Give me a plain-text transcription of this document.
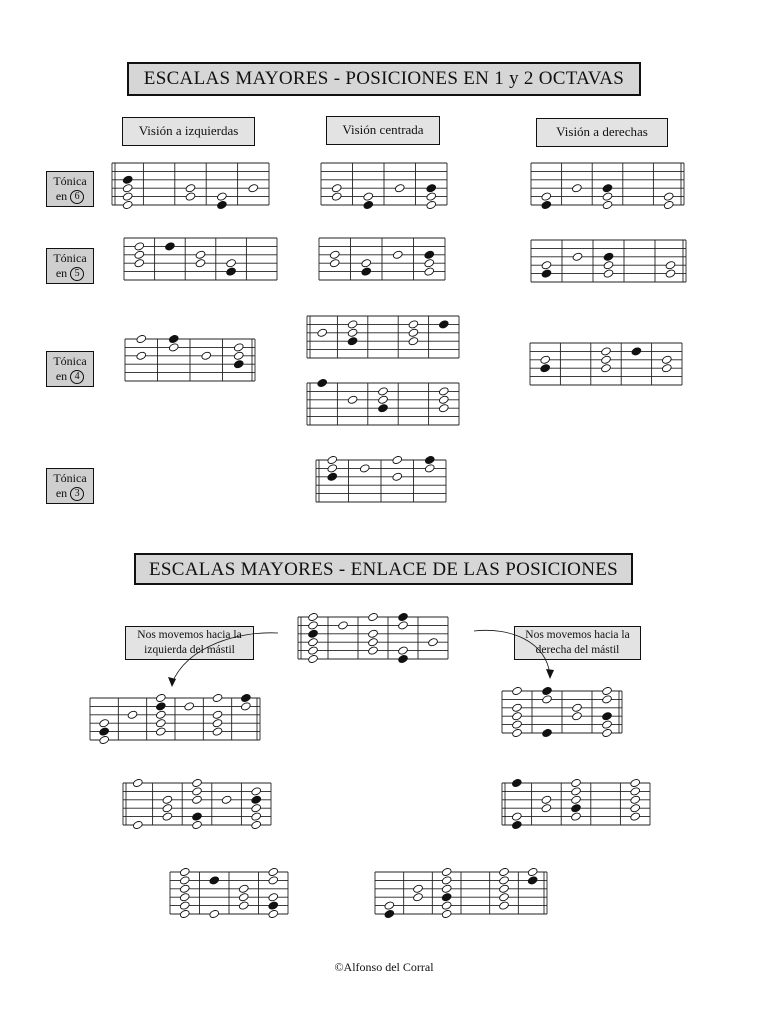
ESCALAS MAYORES - POSICIONES EN 1 y 2 OCTAVAS
Visión a izquierdas	Visión centrada	Visión a derechas
Tónica
en 6
Tónica
en 5
Tónica
en 4
Tónica
en 3
ESCALAS MAYORES - ENLACE DE LAS POSICIONES
Nos movemos hacia la
izquierda del mástil
Nos movemos hacia la
derecha del mástil
©Alfonso del Corral
